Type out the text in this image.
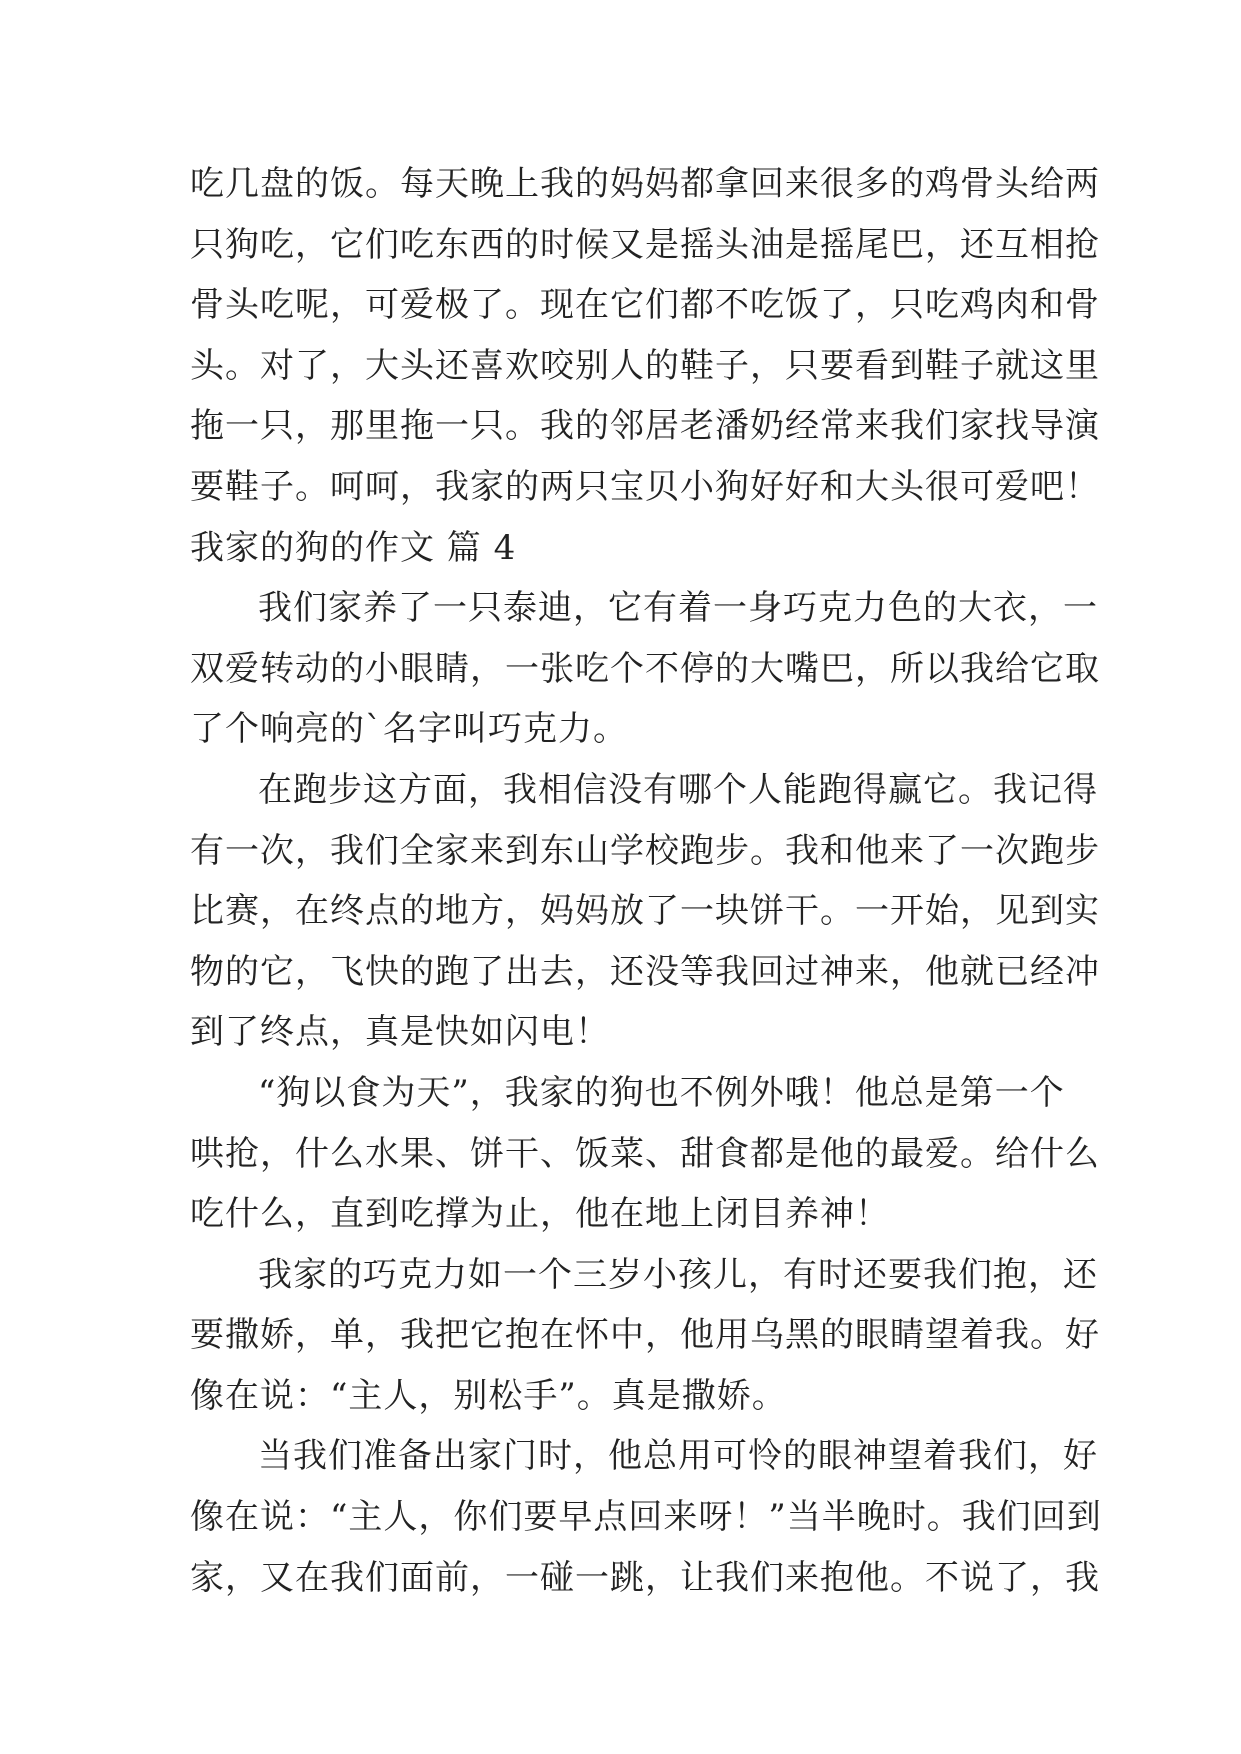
吃几盘的饭。每天晚上我的妈妈都拿回来很多的鸡骨头给两
只狗吃，它们吃东西的时候又是摇头油是摇尾巴，还互相抢
骨头吃呢，可爱极了。现在它们都不吃饭了，只吃鸡肉和骨
头。对了，大头还喜欢咬别人的鞋子，只要看到鞋子就这里
拖一只，那里拖一只。我的邻居老潘奶经常来我们家找导演
要鞋子。呵呵，我家的两只宝贝小狗好好和大头很可爱吧！
我家的狗的作文 篇 4
我们家养了一只泰迪，它有着一身巧克力色的大衣，一
双爱转动的小眼睛，一张吃个不停的大嘴巴，所以我给它取
了个响亮的`名字叫巧克力。
在跑步这方面，我相信没有哪个人能跑得赢它。我记得
有一次，我们全家来到东山学校跑步。我和他来了一次跑步
比赛，在终点的地方，妈妈放了一块饼干。一开始，见到实
物的它，飞快的跑了出去，还没等我回过神来，他就已经冲
到了终点，真是快如闪电！
“狗以食为天”，我家的狗也不例外哦！他总是第一个
哄抢，什么水果、饼干、饭菜、甜食都是他的最爱。给什么
吃什么，直到吃撑为止，他在地上闭目养神！
我家的巧克力如一个三岁小孩儿，有时还要我们抱，还
要撒娇，单，我把它抱在怀中，他用乌黑的眼睛望着我。好
像在说：“主人，别松手”。真是撒娇。
当我们准备出家门时，他总用可怜的眼神望着我们，好
像在说：“主人，你们要早点回来呀！”当半晚时。我们回到
家，又在我们面前，一碰一跳，让我们来抱他。不说了，我
